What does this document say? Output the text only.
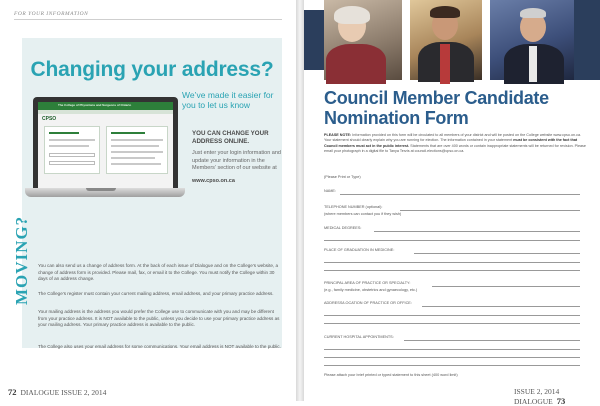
FOR YOUR INFORMATION
Changing your address?
We’ve made it easier for you to let us know
The College of Physicians and Surgeons of Ontario
CPSO
YOU CAN CHANGE YOUR ADDRESS ONLINE.
Just enter your login information and update your information in the Members’ section of our website at
www.cpso.on.ca
MOVING? You can also send us a change of address form. At the back of each issue of Dialogue and on the College’s website, a change of address form is provided. Please mail, fax, or email it to the College. You must notify the College within 30 days of an address change.
The College’s register must contain your current mailing address, email address, and your primary practice address.
Your mailing address is the address you would prefer the College use to communicate with you and may be different from your practice address. It is NOT available to the public, unless you decide to use your primary practice address as your mailing address. Your primary practice address is available to the public.
The College also uses your email address for some communications. Your email address is NOT available to the public.
72 DIALOGUE ISSUE 2, 2014
Council Member Candidate Nomination Form
PLEASE NOTE: Information provided on this form will be circulated to all members of your district and will be posted on the College website www.cpso.on.ca. Your statement should clearly explain why you are running for election. The information contained in your statement must be consistent with the fact that Council members must act in the public interest. Statements that are over 400 words or contain inappropriate statements will be returned for revision. Please email your photograph in a digital file to Tanya Terzis at council.elections@cpso.on.ca.
(Please Print or Type)
NAME:
TELEPHONE NUMBER (optional):
(where members can contact you if they wish)
MEDICAL DEGREES:
PLACE OF GRADUATION IN MEDICINE:
PRINCIPAL AREA OF PRACTICE OR SPECIALTY:
(e.g., family medicine, obstetrics and gynaecology, etc.)
ADDRESS/LOCATION OF PRACTICE OR OFFICE:
CURRENT HOSPITAL APPOINTMENTS:
Please attach your brief printed or typed statement to this sheet (400 word limit)
ISSUE 2, 2014 DIALOGUE 73
